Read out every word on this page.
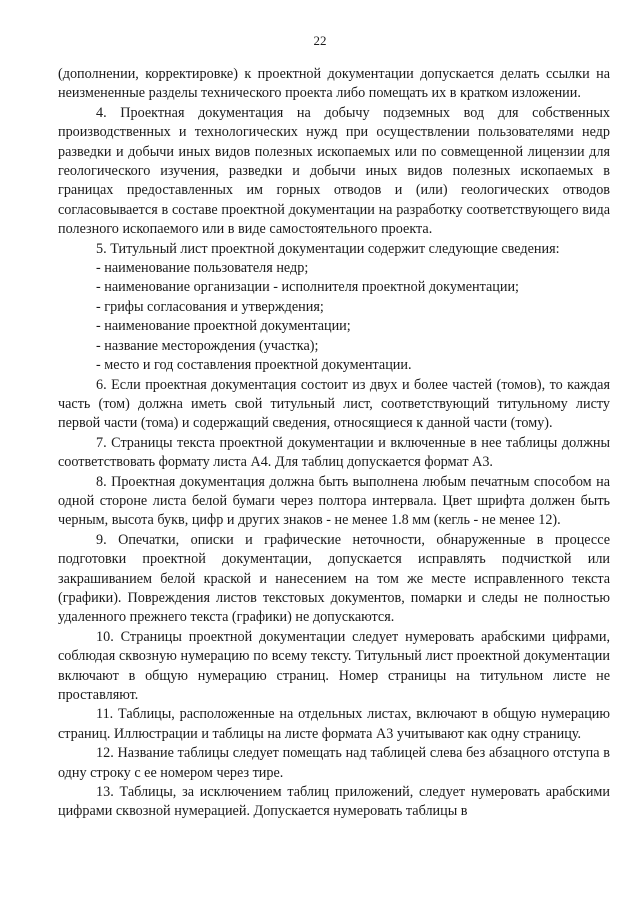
22

(дополнении, корректировке) к проектной документации допускается делать ссылки на неизмененные разделы технического проекта либо помещать их в кратком изложении.

4. Проектная документация на добычу подземных вод для собственных производственных и технологических нужд при осуществлении пользователями недр разведки и добычи иных видов полезных ископаемых или по совмещенной лицензии для геологического изучения, разведки и добычи иных видов полезных ископаемых в границах предоставленных им горных отводов и (или) геологических отводов согласовывается в составе проектной документации на разработку соответствующего вида полезного ископаемого или в виде самостоятельного проекта.

5. Титульный лист проектной документации содержит следующие сведения:

- наименование пользователя недр;
- наименование организации - исполнителя проектной документации;
- грифы согласования и утверждения;
- наименование проектной документации;
- название месторождения (участка);
- место и год составления проектной документации.

6. Если проектная документация состоит из двух и более частей (томов), то каждая часть (том) должна иметь свой титульный лист, соответствующий титульному листу первой части (тома) и содержащий сведения, относящиеся к данной части (тому).

7. Страницы текста проектной документации и включенные в нее таблицы должны соответствовать формату листа А4. Для таблиц допускается формат А3.

8. Проектная документация должна быть выполнена любым печатным способом на одной стороне листа белой бумаги через полтора интервала. Цвет шрифта должен быть черным, высота букв, цифр и других знаков - не менее 1.8 мм (кегль - не менее 12).

9. Опечатки, описки и графические неточности, обнаруженные в процессе подготовки проектной документации, допускается исправлять подчисткой или закрашиванием белой краской и нанесением на том же месте исправленного текста (графики). Повреждения листов текстовых документов, помарки и следы не полностью удаленного прежнего текста (графики) не допускаются.

10. Страницы проектной документации следует нумеровать арабскими цифрами, соблюдая сквозную нумерацию по всему тексту. Титульный лист проектной документации включают в общую нумерацию страниц. Номер страницы на титульном листе не проставляют.

11. Таблицы, расположенные на отдельных листах, включают в общую нумерацию страниц. Иллюстрации и таблицы на листе формата А3 учитывают как одну страницу.

12. Название таблицы следует помещать над таблицей слева без абзацного отступа в одну строку с ее номером через тире.

13. Таблицы, за исключением таблиц приложений, следует нумеровать арабскими цифрами сквозной нумерацией. Допускается нумеровать таблицы в
